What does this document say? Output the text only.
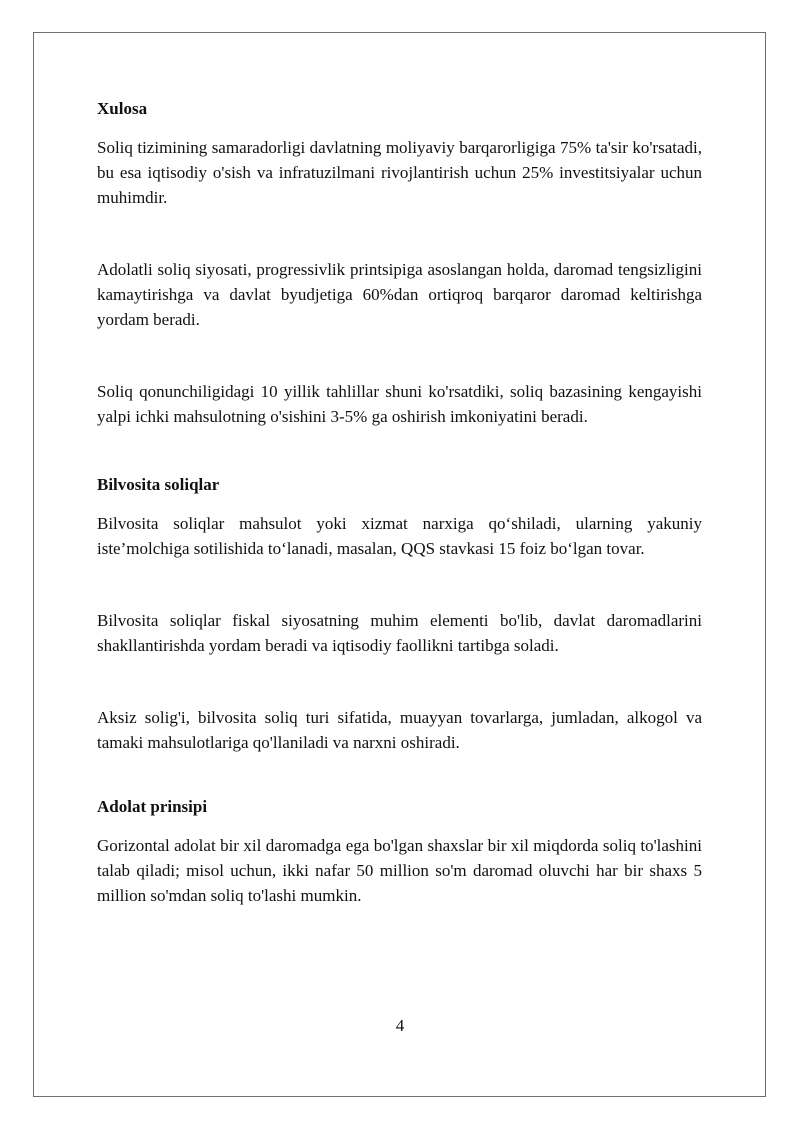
Xulosa

Soliq tizimining samaradorligi davlatning moliyaviy barqarorligiga 75% ta'sir ko'rsatadi, bu esa iqtisodiy o'sish va infratuzilmani rivojlantirish uchun 25% investitsiyalar uchun muhimdir.

Adolatli soliq siyosati, progressivlik printsipiga asoslangan holda, daromad tengsizligini kamaytirishga va davlat byudjetiga 60%dan ortiqroq barqaror daromad keltirishga yordam beradi.

Soliq qonunchiligidagi 10 yillik tahlillar shuni ko'rsatdiki, soliq bazasining kengayishi yalpi ichki mahsulotning o'sishini 3-5% ga oshirish imkoniyatini beradi.

Bilvosita soliqlar

Bilvosita soliqlar mahsulot yoki xizmat narxiga qo‘shiladi, ularning yakuniy iste’molchiga sotilishida to‘lanadi, masalan, QQS stavkasi 15 foiz bo‘lgan tovar.

Bilvosita soliqlar fiskal siyosatning muhim elementi bo'lib, davlat daromadlarini shakllantirishda yordam beradi va iqtisodiy faollikni tartibga soladi.

Aksiz solig'i, bilvosita soliq turi sifatida, muayyan tovarlarga, jumladan, alkogol va tamaki mahsulotlariga qo'llaniladi va narxni oshiradi.

Adolat prinsipi

Gorizontal adolat bir xil daromadga ega bo'lgan shaxslar bir xil miqdorda soliq to'lashini talab qiladi; misol uchun, ikki nafar 50 million so'm daromad oluvchi har bir shaxs 5 million so'mdan soliq to'lashi mumkin.

4
